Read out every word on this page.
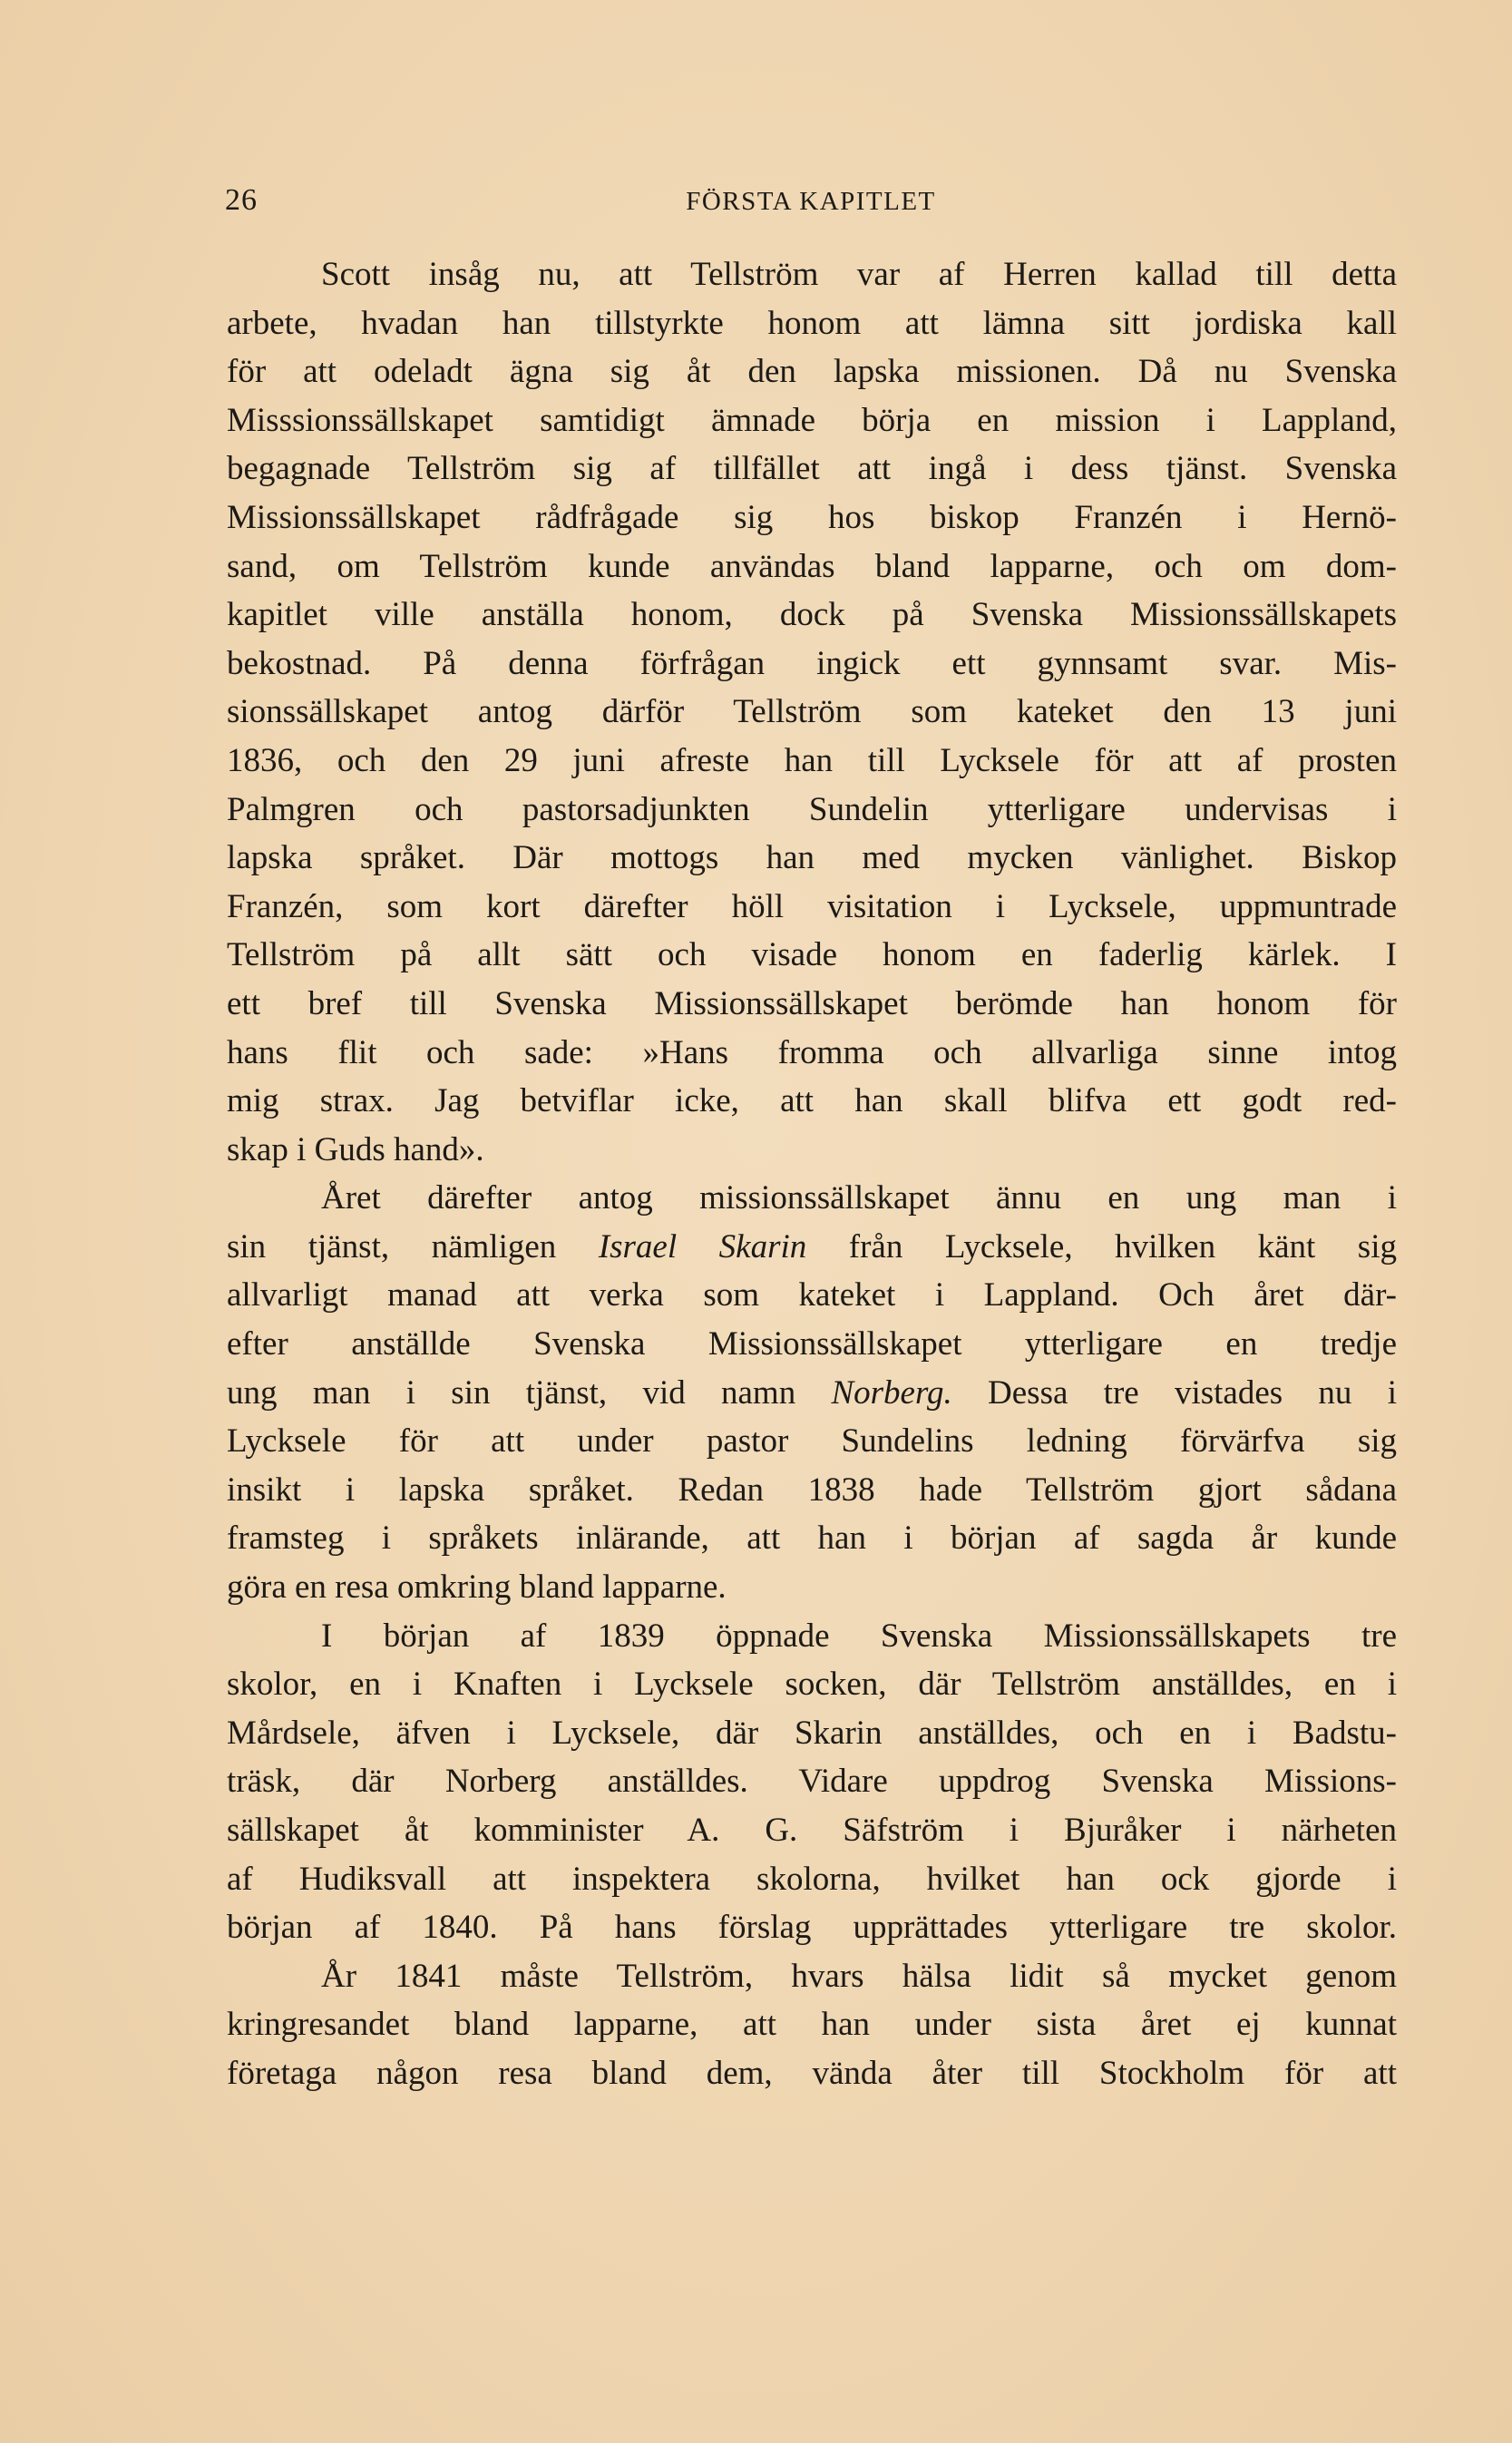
26	FÖRSTA KAPITLET
Scott insåg nu, att Tellström var af Herren kallad till detta
arbete, hvadan han tillstyrkte honom att lämna sitt jordiska kall
för att odeladt ägna sig åt den lapska missionen. Då nu Svenska
Misssionssällskapet samtidigt ämnade börja en mission i Lappland,
begagnade Tellström sig af tillfället att ingå i dess tjänst. Svenska
Missionssällskapet rådfrågade sig hos biskop Franzén i Hernö-
sand, om Tellström kunde användas bland lapparne, och om dom-
kapitlet ville anställa honom, dock på Svenska Missionssällskapets
bekostnad. På denna förfrågan ingick ett gynnsamt svar. Mis-
sionssällskapet antog därför Tellström som kateket den 13 juni
1836, och den 29 juni afreste han till Lycksele för att af prosten
Palmgren och pastorsadjunkten Sundelin ytterligare undervisas i
lapska språket. Där mottogs han med mycken vänlighet. Biskop
Franzén, som kort därefter höll visitation i Lycksele, uppmuntrade
Tellström på allt sätt och visade honom en faderlig kärlek. I
ett bref till Svenska Missionssällskapet berömde han honom för
hans flit och sade: »Hans fromma och allvarliga sinne intog
mig strax. Jag betviflar icke, att han skall blifva ett godt red-
skap i Guds hand».
Året därefter antog missionssällskapet ännu en ung man i
sin tjänst, nämligen Israel Skarin från Lycksele, hvilken känt sig
allvarligt manad att verka som kateket i Lappland. Och året där-
efter anställde Svenska Missionssällskapet ytterligare en tredje
ung man i sin tjänst, vid namn Norberg. Dessa tre vistades nu i
Lycksele för att under pastor Sundelins ledning förvärfva sig
insikt i lapska språket. Redan 1838 hade Tellström gjort sådana
framsteg i språkets inlärande, att han i början af sagda år kunde
göra en resa omkring bland lapparne.
I början af 1839 öppnade Svenska Missionssällskapets tre
skolor, en i Knaften i Lycksele socken, där Tellström anställdes, en i
Mårdsele, äfven i Lycksele, där Skarin anställdes, och en i Badstu-
träsk, där Norberg anställdes. Vidare uppdrog Svenska Missions-
sällskapet åt komminister A. G. Säfström i Bjuråker i närheten
af Hudiksvall att inspektera skolorna, hvilket han ock gjorde i
början af 1840. På hans förslag upprättades ytterligare tre skolor.
År 1841 måste Tellström, hvars hälsa lidit så mycket genom
kringresandet bland lapparne, att han under sista året ej kunnat
företaga någon resa bland dem, vända åter till Stockholm för att
